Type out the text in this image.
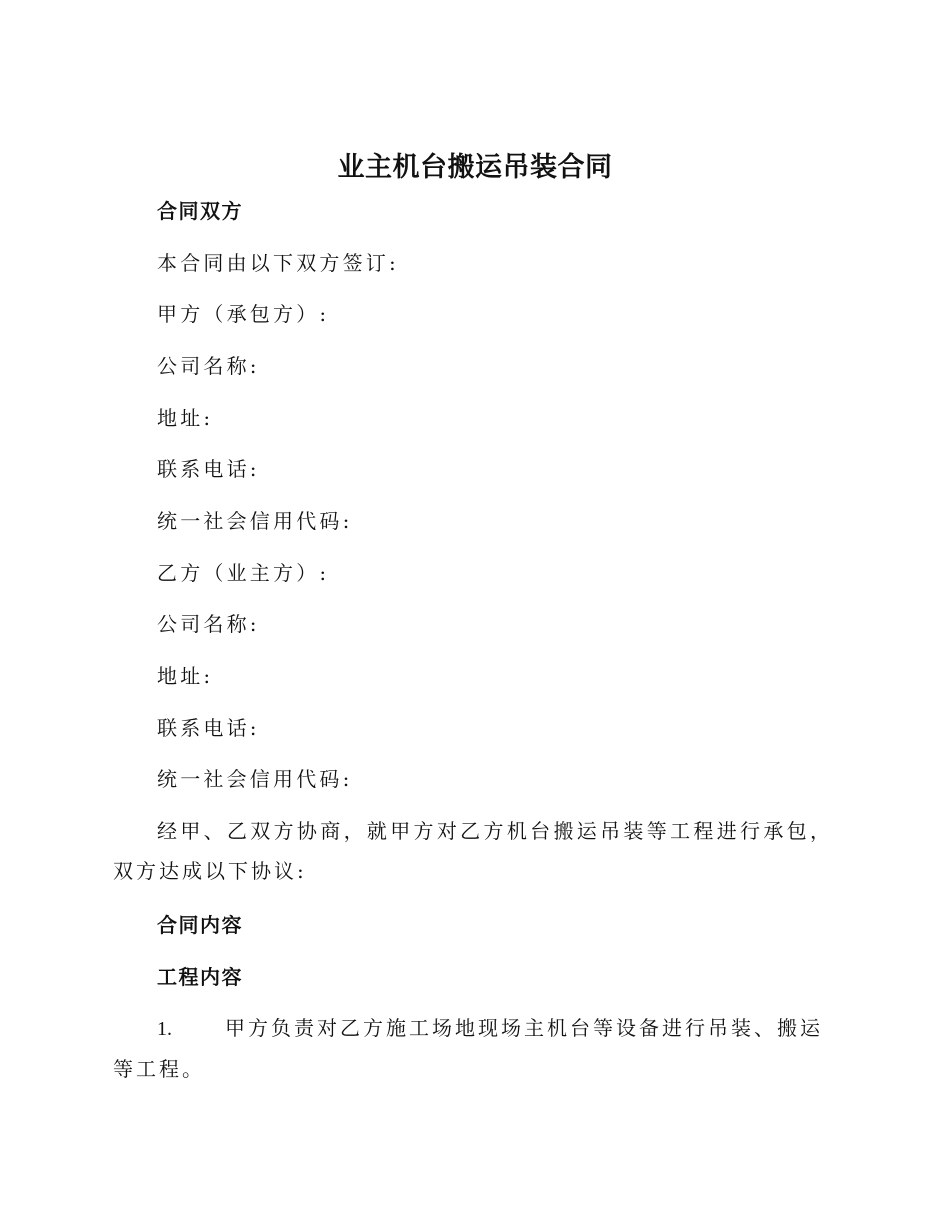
业主机台搬运吊装合同
合同双方
本合同由以下双方签订:
甲方（承包方）:
公司名称:
地址:
联系电话:
统一社会信用代码:
乙方（业主方）:
公司名称:
地址:
联系电话:
统一社会信用代码:
经甲、乙双方协商，就甲方对乙方机台搬运吊装等工程进行承包，双方达成以下协议:
合同内容
工程内容
1.	甲方负责对乙方施工场地现场主机台等设备进行吊装、搬运等工程。
